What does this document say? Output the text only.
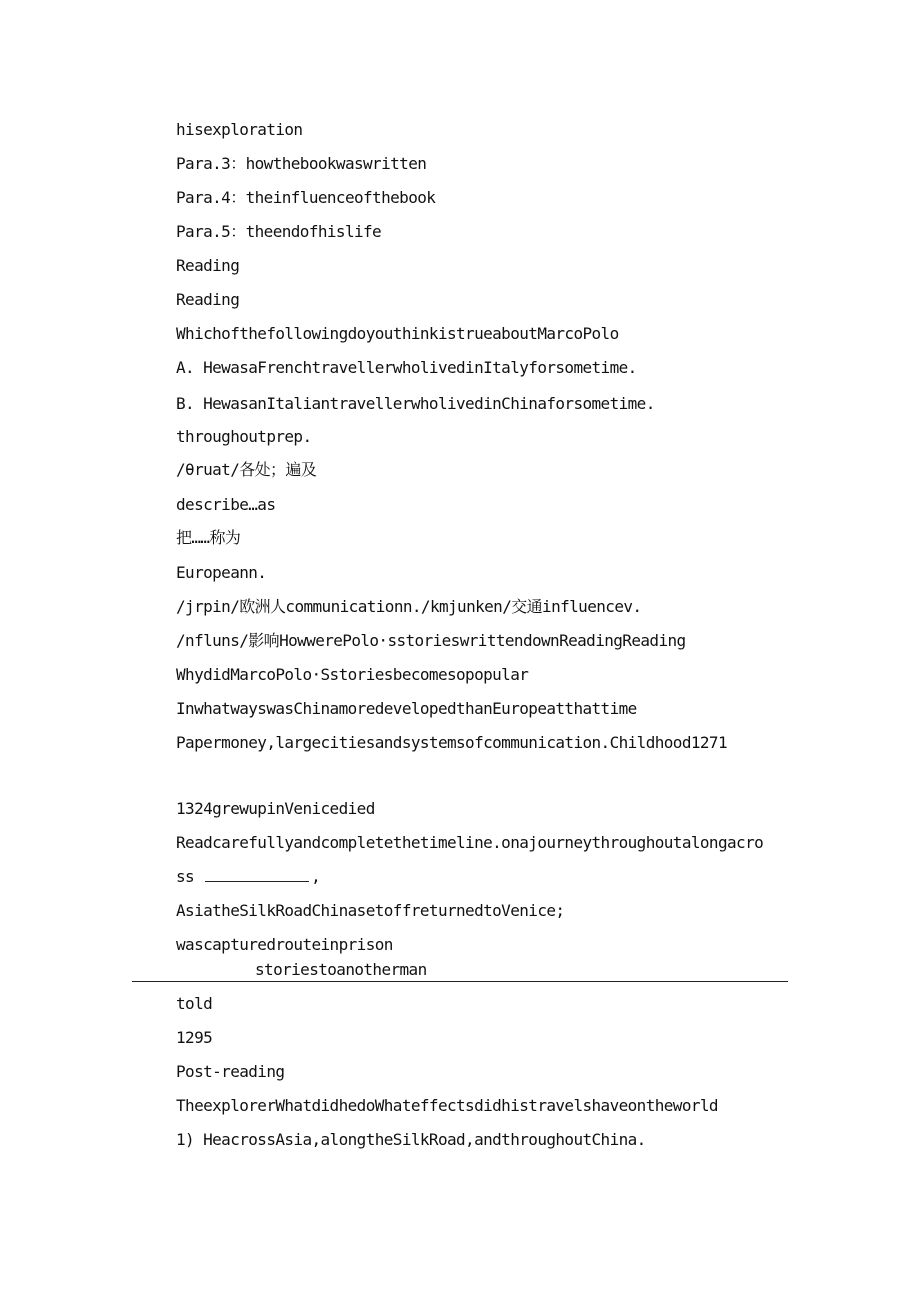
hisexploration
Para.3：howthebookwaswritten
Para.4：theinfluenceofthebook
Para.5：theendofhislife
Reading
Reading
WhichofthefollowingdoyouthinkistrueaboutMarcoPolo
A. HewasaFrenchtravellerwholivedinItalyforsometime.
B. HewasanItaliantravellerwholivedinChinaforsometime.
throughoutprep.
/θruat/各处；遍及
describe…as
把……称为
Europeann.
/jrpin/欧洲人communicationn./kmjunken/交通influencev.
/nfluns/影响HowwerePolo·sstorieswrittendownReadingReading
WhydidMarcoPolo·Sstoriesbecomesopopular
InwhatwayswasChinamoredevelopedthanEuropeatthattime
Papermoney,largecitiesandsystemsofcommunication.Childhood1271
1324grewupinVenicedied
Readcarefullyandcompletethetimeline.onajourneythroughoutalongacro
ss	,
AsiatheSilkRoadChinasetoffreturnedtoVenice;
wascapturedrouteinprison
storiestoanotherman
told
1295
Post-reading
TheexplorerWhatdidhedoWhateffectsdidhistravelshaveontheworld
1) HeacrossAsia,alongtheSilkRoad,andthroughoutChina.
